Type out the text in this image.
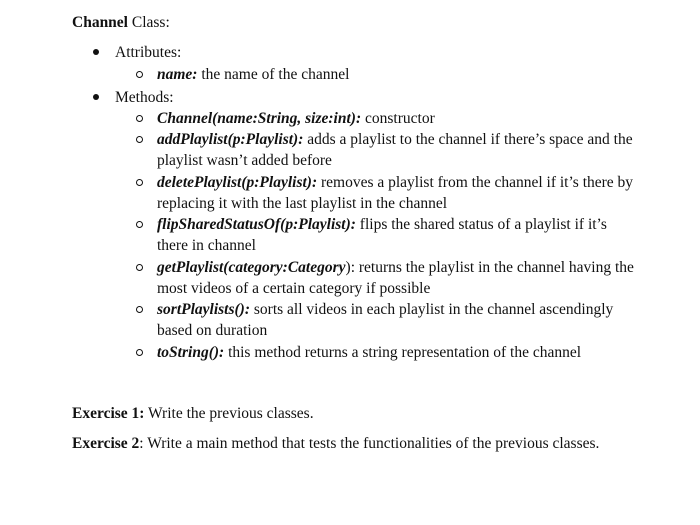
Channel Class:
Attributes:
name: the name of the channel
Methods:
Channel(name:String, size:int): constructor
addPlaylist(p:Playlist): adds a playlist to the channel if there’s space and the playlist wasn’t added before
deletePlaylist(p:Playlist): removes a playlist from the channel if it’s there by replacing it with the last playlist in the channel
flipSharedStatusOf(p:Playlist): flips the shared status of a playlist if it’s there in channel
getPlaylist(category:Category): returns the playlist in the channel having the most videos of a certain category if possible
sortPlaylists(): sorts all videos in each playlist in the channel ascendingly based on duration
toString(): this method returns a string representation of the channel
Exercise 1: Write the previous classes.
Exercise 2: Write a main method that tests the functionalities of the previous classes.
